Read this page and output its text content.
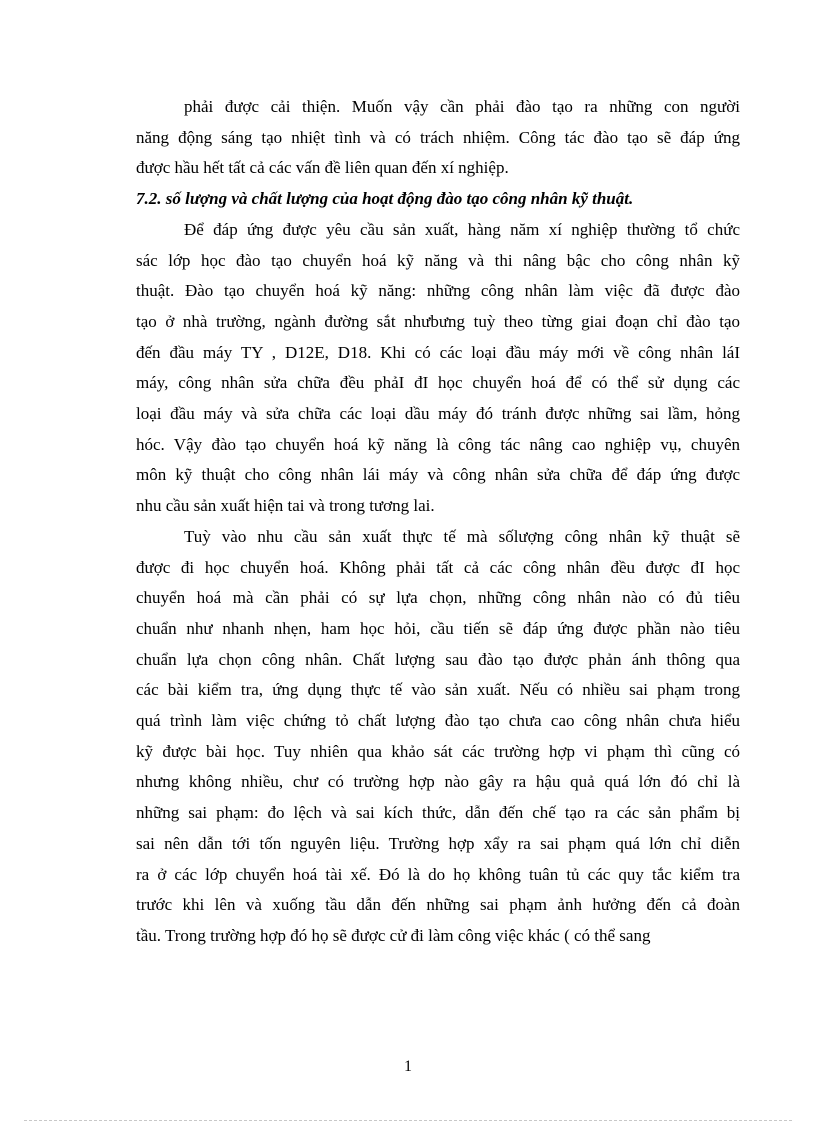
phải được cải thiện. Muốn vậy cần phải đào tạo ra những con người
năng động sáng tạo nhiệt tình và có trách nhiệm. Công tác đào tạo sẽ đáp ứng
được hầu hết tất cả các vấn đề liên quan đến xí nghiệp.

7.2. số lượng và chất lượng của hoạt động đào tạo công nhân kỹ thuật.

Để đáp ứng được yêu cầu sản xuất, hàng năm xí nghiệp thường tổ chức
sác lớp học đào tạo chuyển hoá kỹ năng và thi nâng bậc cho công nhân kỹ
thuật. Đào tạo chuyển hoá kỹ năng: những công nhân làm việc đã được đào
tạo ở nhà trường, ngành đường sắt nhưbưng tuỳ theo từng giai đoạn chỉ đào tạo
đến đầu máy TY , D12E, D18. Khi có các loại đầu máy mới về công nhân láI
máy, công nhân sửa chữa đều phảI đI học chuyển hoá để có thể sử dụng các
loại đầu máy và sửa chữa các loại dầu máy đó tránh được những sai lầm, hỏng
hóc. Vậy đào tạo chuyển hoá kỹ năng là công tác nâng cao nghiệp vụ, chuyên
môn kỹ thuật cho công nhân lái máy và công nhân sửa chữa để đáp ứng được
nhu cầu sản xuất hiện tai và trong tương lai.

Tuỳ vào nhu cầu sản xuất thực tế mà sốlượng công nhân kỹ thuật sẽ
được đi học chuyển hoá. Không phải tất cả các công nhân đều được đI học
chuyển hoá mà cần phải có sự lựa chọn, những công nhân nào có đủ tiêu
chuẩn như nhanh nhẹn, ham học hỏi, cầu tiến sẽ đáp ứng được phần nào tiêu
chuẩn lựa chọn công nhân. Chất lượng sau đào tạo được phản ánh thông qua
các bài kiểm tra, ứng dụng thực tế vào sản xuất. Nếu có nhiều sai phạm trong
quá trình làm việc chứng tỏ chất lượng đào tạo chưa cao công nhân chưa hiểu
kỹ được bài học. Tuy nhiên qua khảo sát các trường hợp vi phạm thì cũng có
nhưng không nhiều, chư có trường hợp nào gây ra hậu quả quá lớn đó chỉ là
những sai phạm: đo lệch và sai kích thức, dẫn đến chế tạo ra các sản phẩm bị
sai nên dẫn tới tốn nguyên liệu. Trường hợp xẩy ra sai phạm quá lớn chỉ diễn
ra ở các lớp chuyển hoá tài xế. Đó là do họ không tuân tủ các quy tắc kiểm tra
trước khi lên và xuống tầu dẫn đến những sai phạm ảnh hưởng đến cả đoàn
tầu. Trong trường hợp đó họ sẽ được cử đi làm công việc khác ( có thể sang

1
